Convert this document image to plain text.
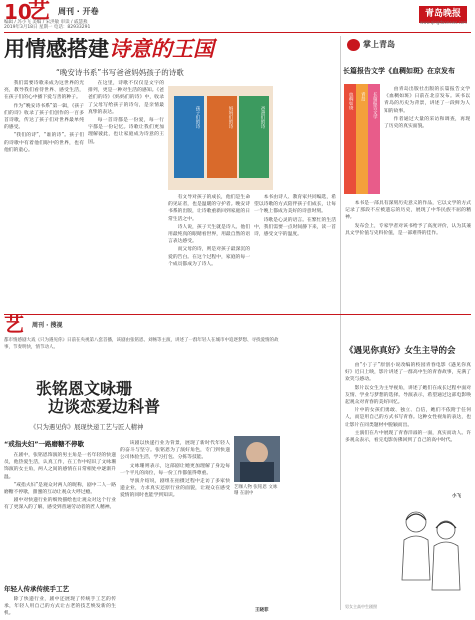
10
艺 周刊 · 开卷
编辑 / 苏小飞 美编 / 宋洪敏 审读 / 戚慧燕
2019年3月18日 星期一 电话：82933291
青岛晚报
www.qingdaonews.com
用情感搭建诗意的王国
“晚安诗书系”书写爸爸妈妈孩子的诗歌

我们需要诗歌来成为这世界的光亮，教导我们看待世界、感受生活，在孩子们的心中播下爱与善的种子。

作为“晚安诗书系”第一辑，《孩子们的诗》收录了孩子们创作的一百多首诗歌，传达了孩子们对世界最单纯的感受。

“我们的诗”，“谁的诗”。孩子们的诗歌中有着他们眼中的世界，也有他们的童心。

在这里，诗歌不仅仅是文字的排列，更是一种对生活的感知。《爸爸们的诗》《妈妈们的诗》中，收录了父母写给孩子的诗句，是亲情最真挚的表达。

每一首诗都是一份爱，每一行字都是一份记忆。诗歌让我们更加理解彼此，也让家庭成为诗意的王国。

孩子们的诗	妈妈们的诗	爸爸们的诗

有文导对孩子的成长，他们是生命的见证者，也是温暖的守护者。晚安诗书系的出版，让诗歌重新回到家庭的日常生活之中。

诗人说，孩子天生就是诗人。他们用最纯真的眼睛看世界，用最自然的语言表达感受。

而父母的诗，则是对孩子最深沉的爱的告白。在这个过程中，家庭的每一个成员都成为了诗人。

本书由诗人、教育家共同编选，希望以诗歌的方式陪伴孩子们成长，让每一个晚上都成为美好的诗意时刻。

诗歌是心灵的语言。在繁忙的生活中，我们需要一点时间静下来，读一首诗，感受文字的温度。

掌上青岛
长篇报告文学《血稠如斑》在京发布
血稠如斑 青岛 长篇报告文学

由青岛出版社出版的长篇报告文学《血稠如斑》日前在北京发布。该书以青岛的历史为背景，讲述了一段鲜为人知的故事。

作者通过大量的采访和调查，再现了历史的真实面貌。

本书是一部具有深刻历史意义的作品，它以文学的方式记录了那段不应被遗忘的历史，展现了中华民族不屈的精神。

发布会上，专家学者对该书给予了高度评价，认为其兼具文学价值与史料价值，是一部难得的佳作。

艺 周刊 · 搜视
都市情感剧大戏《只为遇见你》日前在央视第八套首播，该剧由张铭恩、刘畅等主演，讲述了一群年轻人在城市中追逐梦想、寻找爱情的故事，节奏明快，情节动人。
张铭恩文咏珊
边谈恋爱边科普
《只为遇见你》展现快递工艺与匠人精神
“戒指夫妇”一路磨糖不停歇

在剧中，张铭恩饰演的男主角是一名年轻的快递员，他热爱生活，认真工作，在工作中结识了文咏珊饰演的女主角，两人之间的感情在日常相处中逐渐升温。

“戒指夫妇”是观众对两人的昵称，剧中二人一路磨糖不停歇，甜蜜的互动让观众大呼过瘾。

剧中对快递行业的细致描绘也让观众对这个行业有了更深入的了解，感受到普通劳动者的匠人精神。

该剧以快递行业为背景，展现了新时代年轻人的奋斗与坚守。张铭恩为了演好角色，专门到快递公司体验生活，学习打包、分拣等技能。

文咏珊则表示，这部剧让她更加理解了身边每一个平凡的岗位，每一份工作都值得尊重。

导演介绍说，剧组在拍摄过程中走访了多家快递企业，力求真实还原行业的面貌，让观众在感受爱情的同时也能学到知识。

艺咖人物 张铭恩 文咏珊 在剧中
年轻人传承传统手工艺

除了快递行业，剧中还展现了传统手工艺的传承，年轻人用自己的方式让古老的技艺焕发新的生机。

王晓菲
《遇见你真好》女生主导的会

由“小丁子”原创小说改编的校园青春电影《遇见你真好》近日上映，影片讲述了一群高中生的青春故事，充满了欢笑与感动。

影片以女生为主导视角，讲述了她们在成长过程中面对友情、学业与梦想的选择。导演表示，希望通过这部电影唤起观众对青春的美好回忆。

片中的女孩们勇敢、独立、自信，她们不依附于任何人，而是用自己的方式书写青春。这种女性视角的表达，也让影片在同类题材中脱颖而出。

主演们在片中展现了青春洋溢的一面，真实而动人。许多观众表示，看完电影仿佛回到了自己的高中时代。

小飞
男女主高中生剧照
